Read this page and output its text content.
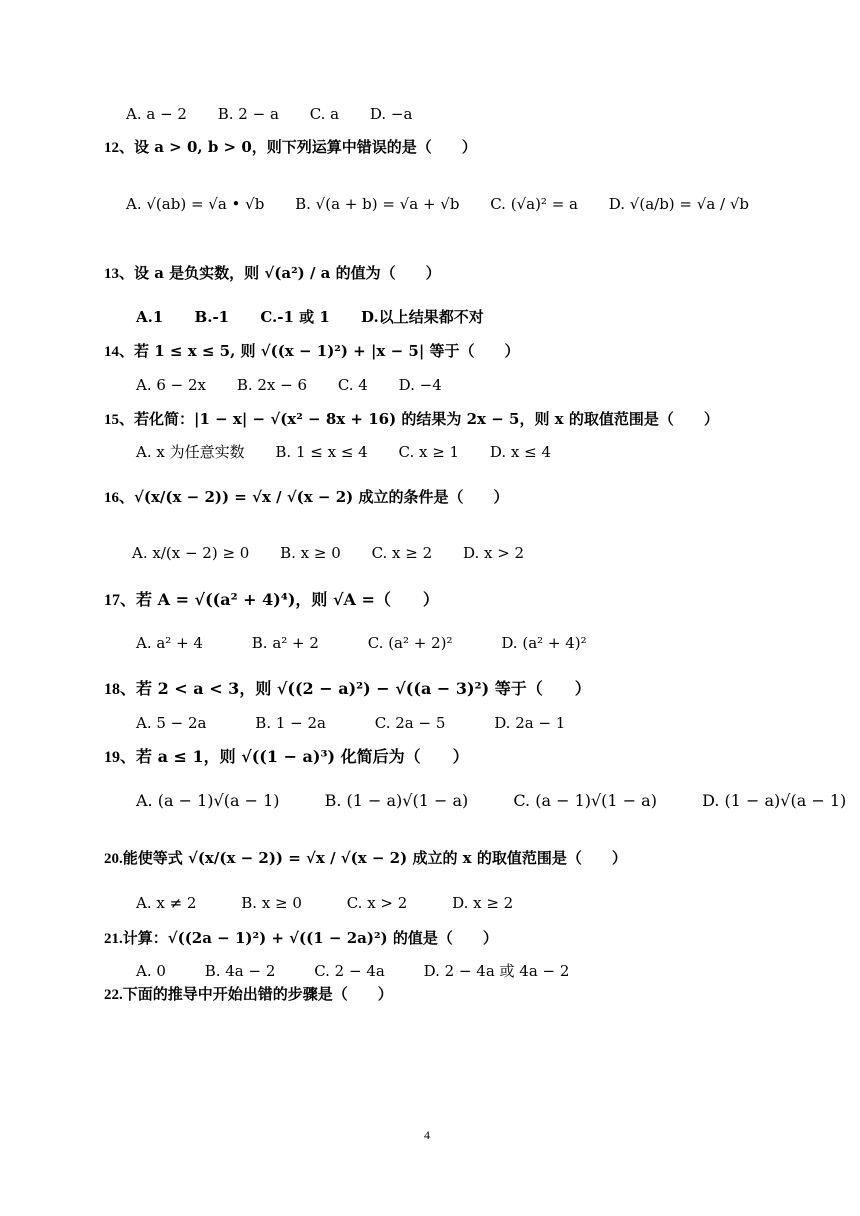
A. a − 2 B. 2 − a C. a D. −a
12、设 a > 0, b > 0，则下列运算中错误的是（　　）
A. √(ab) = √a • √b B. √(a + b) = √a + √b C. (√a)² = a D. √(a/b) = √a / √b
13、设 a 是负实数，则 √(a²) / a 的值为（　　）
A.1 B.-1 C.-1 或 1 D.以上结果都不对
14、若 1 ≤ x ≤ 5, 则 √((x − 1)²) + |x − 5| 等于（　　）
A. 6 − 2x B. 2x − 6 C. 4 D. −4
15、若化简：|1 − x| − √(x² − 8x + 16) 的结果为 2x − 5，则 x 的取值范围是（　　）
A. x 为任意实数 B. 1 ≤ x ≤ 4 C. x ≥ 1 D. x ≤ 4
16、√(x/(x − 2)) = √x / √(x − 2) 成立的条件是（　　）
A. x/(x − 2) ≥ 0 B. x ≥ 0 C. x ≥ 2 D. x > 2
17、若 A = √((a² + 4)⁴)，则 √A =（　　）
A. a² + 4	B. a² + 2	C. (a² + 2)²	D. (a² + 4)²
18、若 2 < a < 3，则 √((2 − a)²) − √((a − 3)²) 等于（　　）
A. 5 − 2a	B. 1 − 2a	C. 2a − 5	D. 2a − 1
19、若 a ≤ 1，则 √((1 − a)³) 化简后为（　　）
A. (a − 1)√(a − 1)	B. (1 − a)√(1 − a)	C. (a − 1)√(1 − a)	D. (1 − a)√(a − 1)
20.能使等式 √(x/(x − 2)) = √x / √(x − 2) 成立的 x 的取值范围是（　　）
A. x ≠ 2	B. x ≥ 0	C. x > 2	D. x ≥ 2
21.计算：√((2a − 1)²) + √((1 − 2a)²) 的值是（　　）
A. 0	B. 4a − 2	C. 2 − 4a	D. 2 − 4a 或 4a − 2
22.下面的推导中开始出错的步骤是（　　）
4
